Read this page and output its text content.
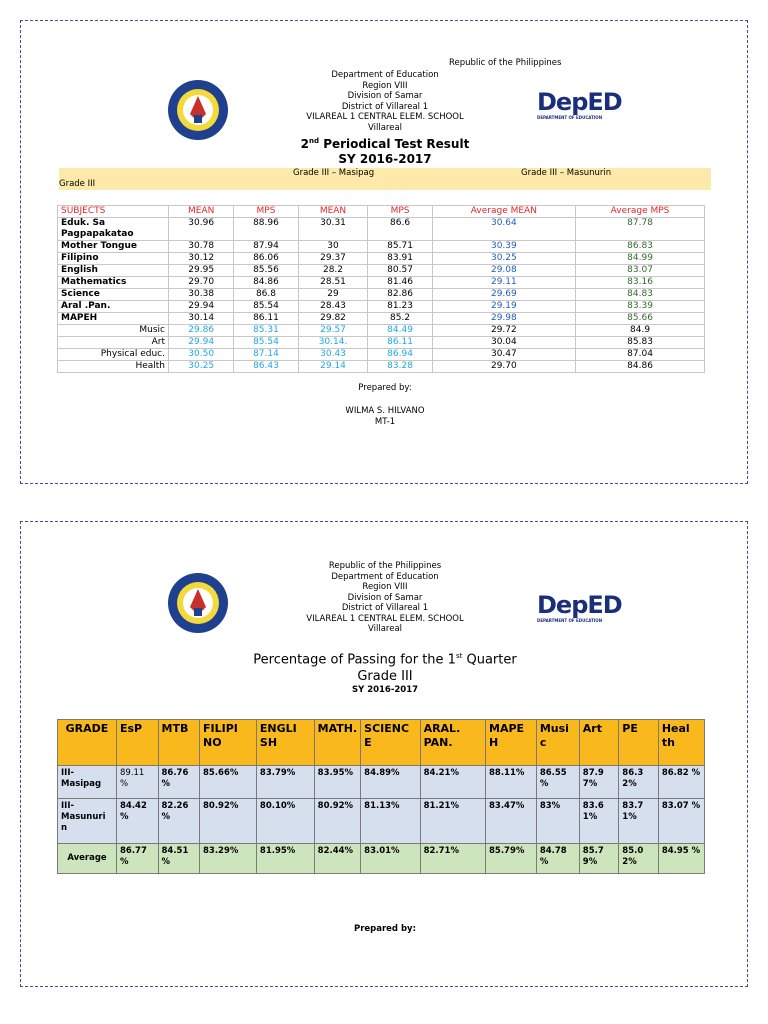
DepED
DEPARTMENT OF EDUCATION
Republic of the Philippines
Department of Education
Region VIII
Division of Samar
District of Villareal 1
VILAREAL 1 CENTRAL ELEM. SCHOOL
Villareal
2nd Periodical Test Result
SY 2016-2017
Grade III – Masipag	Grade III – Masunurin
Grade III
SUBJECTS	MEAN	MPS	MEAN	MPS	Average MEAN	Average MPS
Eduk. Sa Pagpapakatao	30.96	88.96	30.31	86.6	30.64	87.78
Mother Tongue	30.78	87.94	30	85.71	30.39	86.83
Filipino	30.12	86.06	29.37	83.91	30.25	84.99
English	29.95	85.56	28.2	80.57	29.08	83.07
Mathematics	29.70	84.86	28.51	81.46	29.11	83.16
Science	30.38	86.8	29	82.86	29.69	84.83
Aral .Pan.	29.94	85.54	28.43	81.23	29.19	83.39
MAPEH	30.14	86.11	29.82	85.2	29.98	85.66
Music	29.86	85.31	29.57	84.49	29.72	84.9
Art	29.94	85.54	30.14.	86.11	30.04	85.83
Physical educ.	30.50	87.14	30.43	86.94	30.47	87.04
Health	30.25	86.43	29.14	83.28	29.70	84.86
Prepared by:
WILMA S. HILVANO
MT-1
DepED
DEPARTMENT OF EDUCATION
Republic of the Philippines
Department of Education
Region VIII
Division of Samar
District of Villareal 1
VILAREAL 1 CENTRAL ELEM. SCHOOL
Villareal
Percentage of Passing for the 1st Quarter
Grade III
SY 2016-2017
GRADE	EsP	MTB	FILIPI NO	ENGLI SH	MATH.	SCIENC E	ARAL. PAN.	MAPE H	Musi c	Art	PE	Heal th
III- Masipag	89.11 %	86.76 %	85.66%	83.79%	83.95%	84.89%	84.21%	88.11%	86.55 %	87.9 7%	86.3 2%	86.82 %
III- Masunuri n	84.42 %	82.26 %	80.92%	80.10%	80.92%	81.13%	81.21%	83.47%	83%	83.6 1%	83.7 1%	83.07 %
Average	86.77 %	84.51 %	83.29%	81.95%	82.44%	83.01%	82.71%	85.79%	84.78 %	85.7 9%	85.0 2%	84.95 %
Prepared by:
